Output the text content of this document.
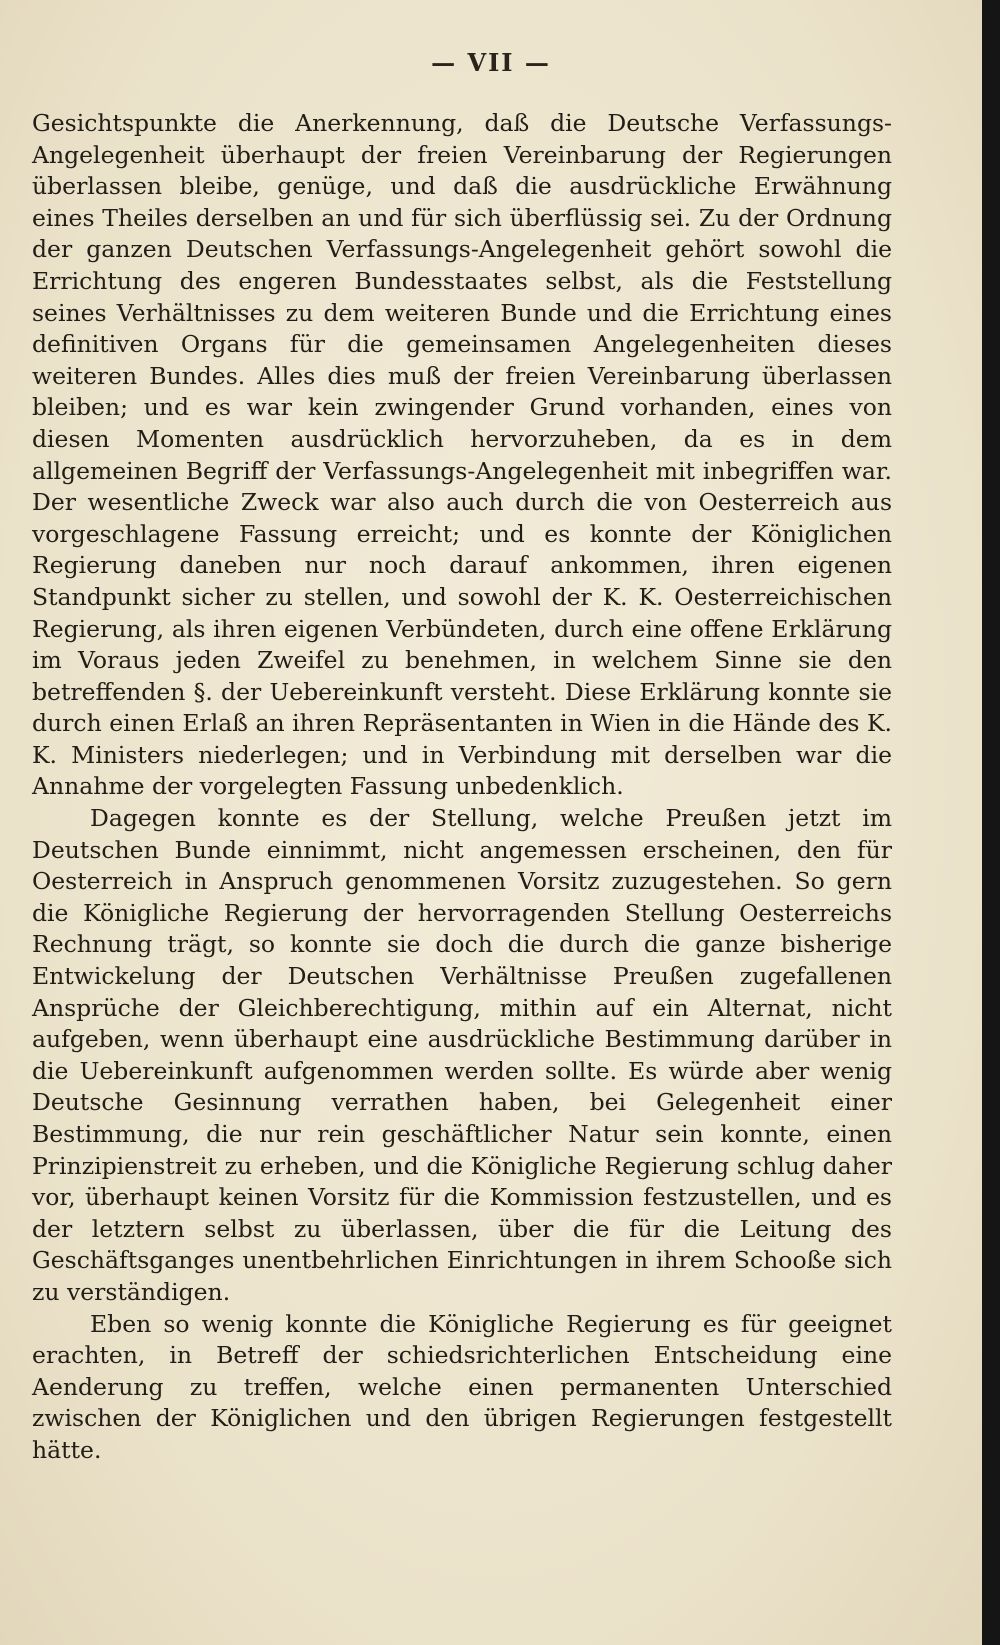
— VII —

Gesichtspunkte die Anerkennung, daß die Deutsche Verfassungs-Angelegenheit überhaupt der freien Vereinbarung der Regierungen überlassen bleibe, genüge, und daß die ausdrückliche Erwähnung eines Theiles derselben an und für sich überflüssig sei. Zu der Ordnung der ganzen Deutschen Verfassungs-Angelegenheit gehört sowohl die Errichtung des engeren Bundesstaates selbst, als die Feststellung seines Verhältnisses zu dem weiteren Bunde und die Errichtung eines definitiven Organs für die gemeinsamen Angelegenheiten dieses weiteren Bundes. Alles dies muß der freien Vereinbarung überlassen bleiben; und es war kein zwingender Grund vorhanden, eines von diesen Momenten ausdrücklich hervorzuheben, da es in dem allgemeinen Begriff der Verfassungs-Angelegenheit mit inbegriffen war. Der wesentliche Zweck war also auch durch die von Oesterreich aus vorgeschlagene Fassung erreicht; und es konnte der Königlichen Regierung daneben nur noch darauf ankommen, ihren eigenen Standpunkt sicher zu stellen, und sowohl der K. K. Oesterreichischen Regierung, als ihren eigenen Verbündeten, durch eine offene Erklärung im Voraus jeden Zweifel zu benehmen, in welchem Sinne sie den betreffenden §. der Uebereinkunft versteht. Diese Erklärung konnte sie durch einen Erlaß an ihren Repräsentanten in Wien in die Hände des K. K. Ministers niederlegen; und in Verbindung mit derselben war die Annahme der vorgelegten Fassung unbedenklich.

Dagegen konnte es der Stellung, welche Preußen jetzt im Deutschen Bunde einnimmt, nicht angemessen erscheinen, den für Oesterreich in Anspruch genommenen Vorsitz zuzugestehen. So gern die Königliche Regierung der hervorragenden Stellung Oesterreichs Rechnung trägt, so konnte sie doch die durch die ganze bisherige Entwickelung der Deutschen Verhältnisse Preußen zugefallenen Ansprüche der Gleichberechtigung, mithin auf ein Alternat, nicht aufgeben, wenn überhaupt eine ausdrückliche Bestimmung darüber in die Uebereinkunft aufgenommen werden sollte. Es würde aber wenig Deutsche Gesinnung verrathen haben, bei Gelegenheit einer Bestimmung, die nur rein geschäftlicher Natur sein konnte, einen Prinzipienstreit zu erheben, und die Königliche Regierung schlug daher vor, überhaupt keinen Vorsitz für die Kommission festzustellen, und es der letztern selbst zu überlassen, über die für die Leitung des Geschäftsganges unentbehrlichen Einrichtungen in ihrem Schooße sich zu verständigen.

Eben so wenig konnte die Königliche Regierung es für geeignet erachten, in Betreff der schiedsrichterlichen Entscheidung eine Aenderung zu treffen, welche einen permanenten Unterschied zwischen der Königlichen und den übrigen Regierungen festgestellt hätte.
